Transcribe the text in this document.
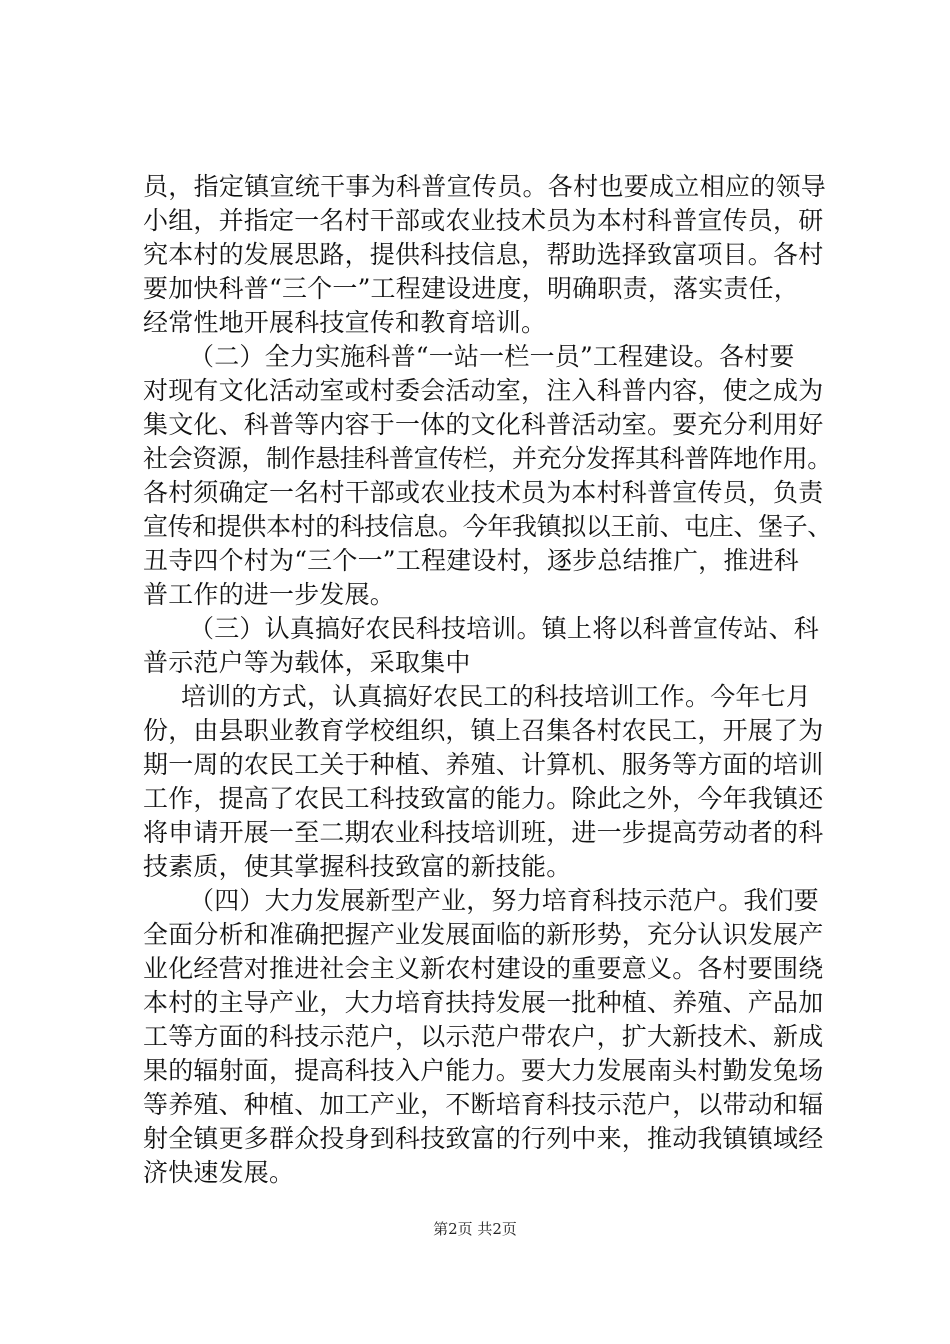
员，指定镇宣统干事为科普宣传员。各村也要成立相应的领导
小组，并指定一名村干部或农业技术员为本村科普宣传员，研
究本村的发展思路，提供科技信息，帮助选择致富项目。各村
要加快科普“三个一”工程建设进度，明确职责，落实责任，
经常性地开展科技宣传和教育培训。
（二）全力实施科普“一站一栏一员”工程建设。各村要
对现有文化活动室或村委会活动室，注入科普内容，使之成为
集文化、科普等内容于一体的文化科普活动室。要充分利用好
社会资源，制作悬挂科普宣传栏，并充分发挥其科普阵地作用。
各村须确定一名村干部或农业技术员为本村科普宣传员，负责
宣传和提供本村的科技信息。今年我镇拟以王前、屯庄、堡子、
丑寺四个村为“三个一”工程建设村，逐步总结推广，推进科
普工作的进一步发展。
（三）认真搞好农民科技培训。镇上将以科普宣传站、科
普示范户等为载体，采取集中
培训的方式，认真搞好农民工的科技培训工作。今年七月
份，由县职业教育学校组织，镇上召集各村农民工，开展了为
期一周的农民工关于种植、养殖、计算机、服务等方面的培训
工作，提高了农民工科技致富的能力。除此之外，今年我镇还
将申请开展一至二期农业科技培训班，进一步提高劳动者的科
技素质，使其掌握科技致富的新技能。
（四）大力发展新型产业，努力培育科技示范户。我们要
全面分析和准确把握产业发展面临的新形势，充分认识发展产
业化经营对推进社会主义新农村建设的重要意义。各村要围绕
本村的主导产业，大力培育扶持发展一批种植、养殖、产品加
工等方面的科技示范户，以示范户带农户，扩大新技术、新成
果的辐射面，提高科技入户能力。要大力发展南头村勤发兔场
等养殖、种植、加工产业，不断培育科技示范户，以带动和辐
射全镇更多群众投身到科技致富的行列中来，推动我镇镇域经
济快速发展。
第2页 共2页
